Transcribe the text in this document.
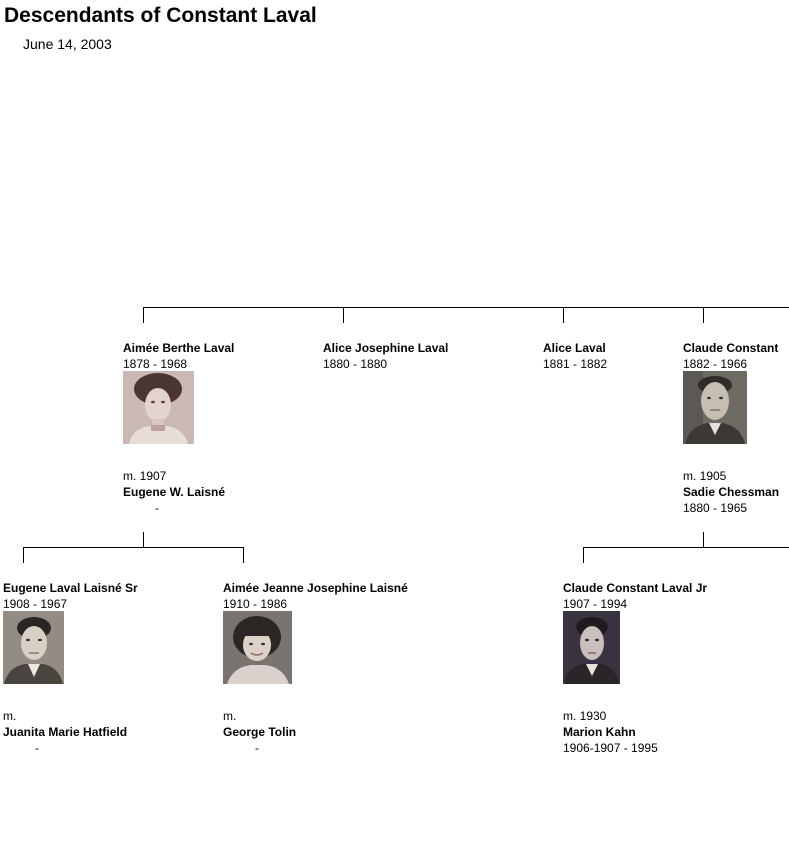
Descendants of Constant Laval
June 14, 2003
Aimée Berthe Laval
1878 - 1968
m. 1907
Eugene W. Laisné
-
Alice Josephine Laval
1880 - 1880
Alice Laval
1881 - 1882
Claude Constant
1882 - 1966
m. 1905
Sadie Chessman
1880 - 1965
Eugene Laval Laisné Sr
1908 - 1967
m.
Juanita Marie Hatfield
-
Aimée Jeanne Josephine Laisné
1910 - 1986
m.
George Tolin
-
Claude Constant Laval Jr
1907 - 1994
m. 1930
Marion Kahn
1906-1907 - 1995
